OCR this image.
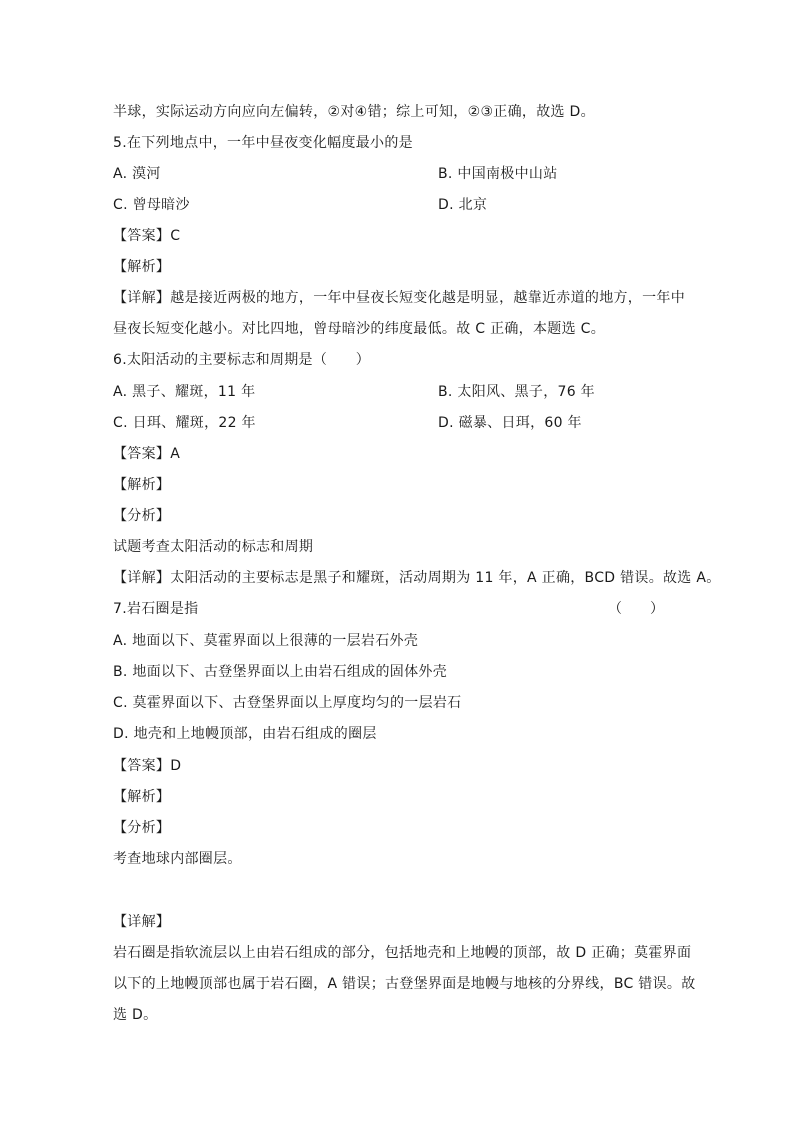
半球，实际运动方向应向左偏转，②对④错；综上可知，②③正确，故选 D。
5.在下列地点中，一年中昼夜变化幅度最小的是
A. 漠河	B. 中国南极中山站
C. 曾母暗沙	D. 北京
【答案】C
【解析】
【详解】越是接近两极的地方，一年中昼夜长短变化越是明显，越靠近赤道的地方，一年中
昼夜长短变化越小。对比四地，曾母暗沙的纬度最低。故 C 正确，本题选 C。
6.太阳活动的主要标志和周期是（　　）
A. 黑子、耀斑，11 年	B. 太阳风、黑子，76 年
C. 日珥、耀斑，22 年	D. 磁暴、日珥，60 年
【答案】A
【解析】
【分析】
试题考查太阳活动的标志和周期
【详解】太阳活动的主要标志是黑子和耀斑，活动周期为 11 年，A 正确，BCD 错误。故选 A。
7.岩石圈是指	（　　）
A. 地面以下、莫霍界面以上很薄的一层岩石外壳
B. 地面以下、古登堡界面以上由岩石组成的固体外壳
C. 莫霍界面以下、古登堡界面以上厚度均匀的一层岩石
D. 地壳和上地幔顶部，由岩石组成的圈层
【答案】D
【解析】
【分析】
考查地球内部圈层。
【详解】
岩石圈是指软流层以上由岩石组成的部分，包括地壳和上地幔的顶部，故 D 正确；莫霍界面
以下的上地幔顶部也属于岩石圈，A 错误；古登堡界面是地幔与地核的分界线，BC 错误。故
选 D。
